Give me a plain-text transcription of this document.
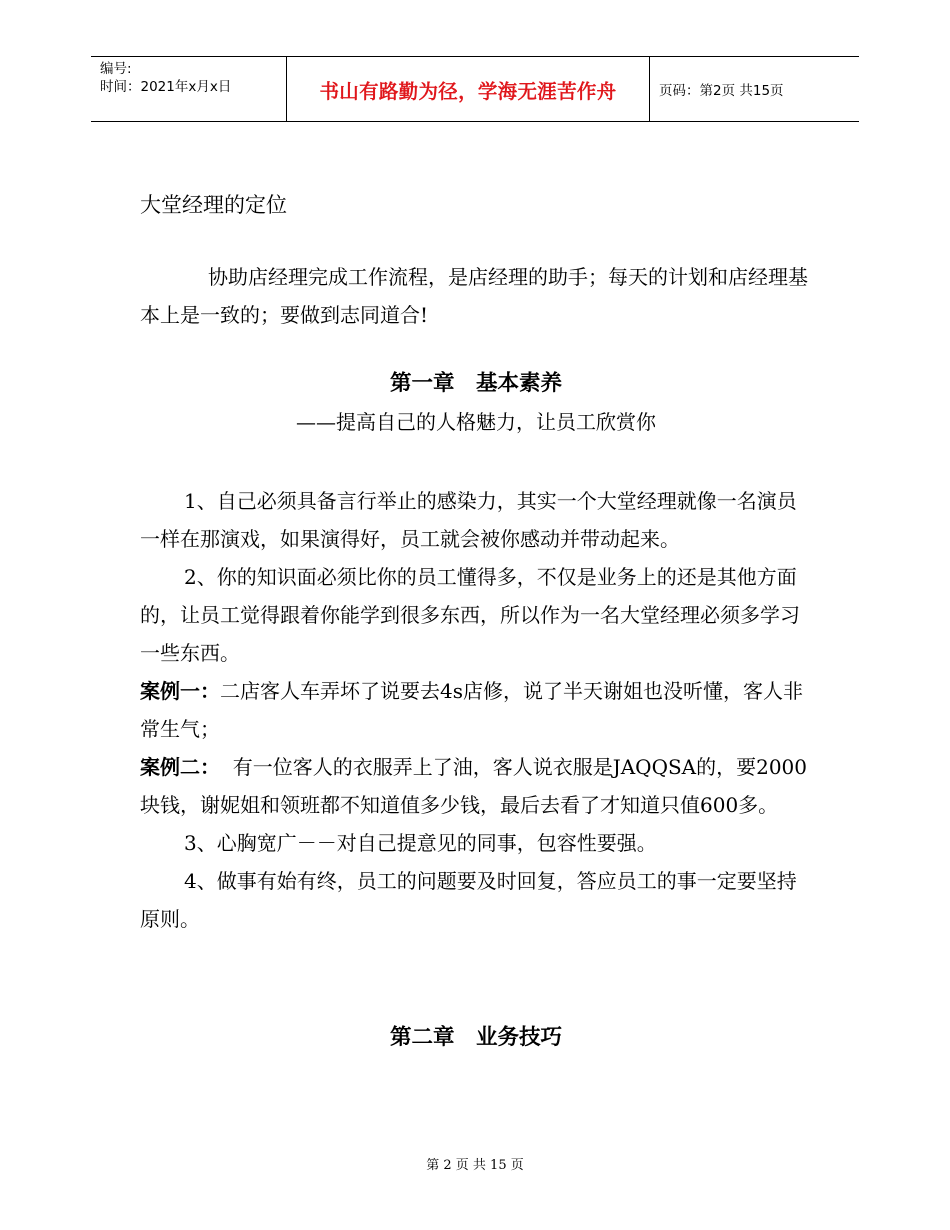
编号:
时间：2021年x月x日	书山有路勤为径，学海无涯苦作舟	页码：第2页 共15页
大堂经理的定位

协助店经理完成工作流程，是店经理的助手；每天的计划和店经理基本上是一致的；要做到志同道合!

第一章　基本素养

——提高自己的人格魅力，让员工欣赏你

1、自己必须具备言行举止的感染力，其实一个大堂经理就像一名演员一样在那演戏，如果演得好，员工就会被你感动并带动起来。

2、你的知识面必须比你的员工懂得多，不仅是业务上的还是其他方面的，让员工觉得跟着你能学到很多东西，所以作为一名大堂经理必须多学习一些东西。

案例一：二店客人车弄坏了说要去4s店修，说了半天谢姐也没听懂，客人非常生气；

案例二：  有一位客人的衣服弄上了油，客人说衣服是JAQQSA的，要2000块钱，谢妮姐和领班都不知道值多少钱，最后去看了才知道只值600多。

3、心胸宽广－－对自己提意见的同事，包容性要强。

4、做事有始有终，员工的问题要及时回复，答应员工的事一定要坚持原则。

第二章　业务技巧
第 2 页 共 15 页
